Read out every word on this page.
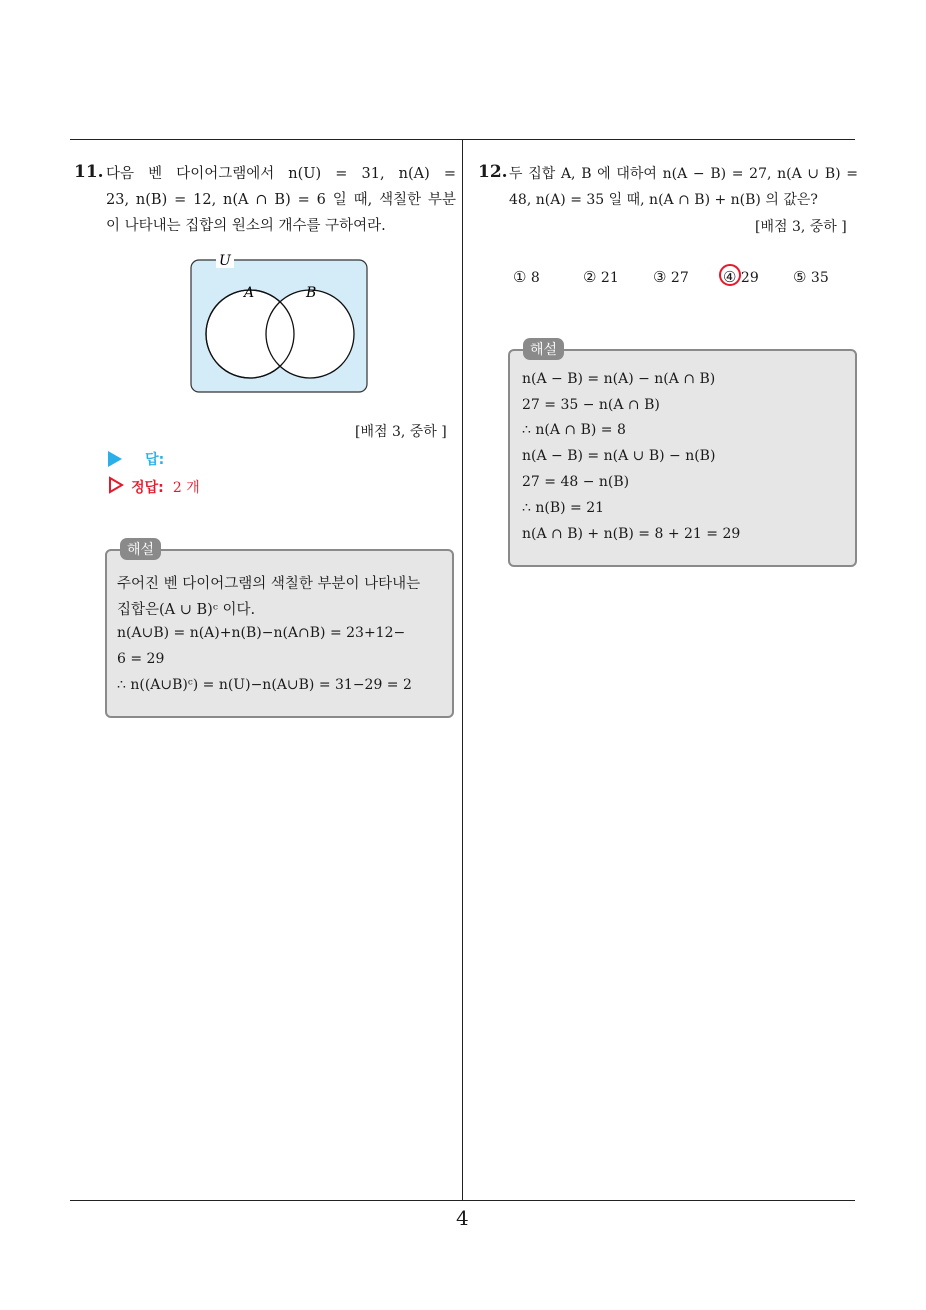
4
11. 다음 벤 다이어그램에서 n(U) = 31, n(A) =
23, n(B) = 12, n(A ∩ B) = 6 일 때, 색칠한 부분
이 나타내는 집합의 원소의 개수를 구하여라.
U
A	B
[배점 3, 중하 ]
답:
정답: 2 개
해설
주어진 벤 다이어그램의 색칠한 부분이 나타내는
집합은(A ∪ B)ᶜ 이다.
n(A∪B) = n(A)+n(B)−n(A∩B) = 23+12−
6 = 29
∴ n((A∪B)ᶜ) = n(U)−n(A∪B) = 31−29 = 2
12. 두 집합 A, B 에 대하여 n(A − B) = 27, n(A ∪ B) =
48, n(A) = 35 일 때, n(A ∩ B) + n(B) 의 값은?
[배점 3, 중하 ]
① 8	② 21 ③ 27 ④ 29 ⑤ 35
해설
n(A − B) = n(A) − n(A ∩ B)
27 = 35 − n(A ∩ B)
∴ n(A ∩ B) = 8
n(A − B) = n(A ∪ B) − n(B)
27 = 48 − n(B)
∴ n(B) = 21
n(A ∩ B) + n(B) = 8 + 21 = 29
